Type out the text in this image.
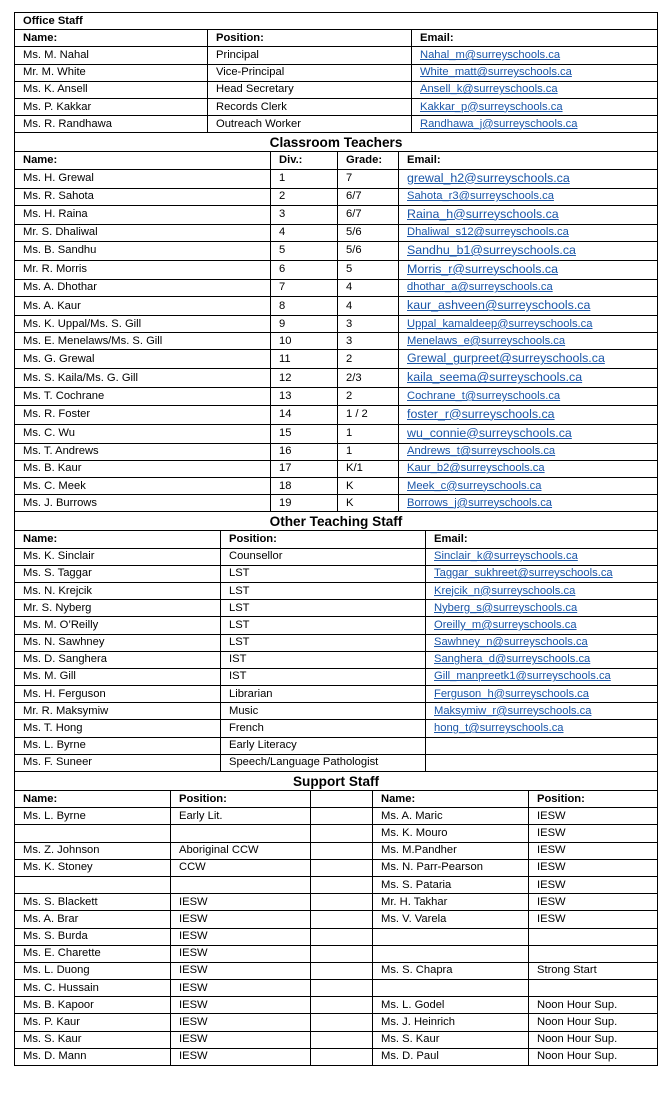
Office Staff		
Name:	Position:	Email:
Ms. M. Nahal	Principal	Nahal_m@surreyschools.ca
Mr. M. White	Vice-Principal	White_matt@surreyschools.ca
Ms. K. Ansell	Head Secretary	Ansell_k@surreyschools.ca
Ms. P. Kakkar	Records Clerk	Kakkar_p@surreyschools.ca
Ms. R. Randhawa	Outreach Worker	Randhawa_j@surreyschools.ca
Classroom Teachers			
Name:	Div.:	Grade:	Email:
Ms. H. Grewal	1	7	grewal_h2@surreyschools.ca
Ms. R. Sahota	2	6/7	Sahota_r3@surreyschools.ca
Ms. H. Raina	3	6/7	Raina_h@surreyschools.ca
Mr. S. Dhaliwal	4	5/6	Dhaliwal_s12@surreyschools.ca
Ms. B. Sandhu	5	5/6	Sandhu_b1@surreyschools.ca
Mr. R. Morris	6	5	Morris_r@surreyschools.ca
Ms. A. Dhothar	7	4	dhothar_a@surreyschools.ca
Ms. A. Kaur	8	4	kaur_ashveen@surreyschools.ca
Ms. K. Uppal/Ms. S. Gill	9	3	Uppal_kamaldeep@surreyschools.ca
Ms. E. Menelaws/Ms. S. Gill	10	3	Menelaws_e@surreyschools.ca
Ms. G. Grewal	11	2	Grewal_gurpreet@surreyschools.ca
Ms. S. Kaila/Ms. G. Gill	12	2/3	kaila_seema@surreyschools.ca
Ms. T. Cochrane	13	2	Cochrane_t@surreyschools.ca
Ms. R. Foster	14	1 / 2	foster_r@surreyschools.ca
Ms. C. Wu	15	1	wu_connie@surreyschools.ca
Ms. T. Andrews	16	1	Andrews_t@surreyschools.ca
Ms. B. Kaur	17	K/1	Kaur_b2@surreyschools.ca
Ms. C. Meek	18	K	Meek_c@surreyschools.ca
Ms. J. Burrows	19	K	Borrows_j@surreyschools.ca
Other Teaching Staff		
Name:	Position:	Email:
Ms. K. Sinclair	Counsellor	Sinclair_k@surreyschools.ca
Ms. S. Taggar	LST	Taggar_sukhreet@surreyschools.ca
Ms. N. Krejcik	LST	Krejcik_n@surreyschools.ca
Mr. S. Nyberg	LST	Nyberg_s@surreyschools.ca
Ms. M. O’Reilly	LST	Oreilly_m@surreyschools.ca
Ms. N. Sawhney	LST	Sawhney_n@surreyschools.ca
Ms. D. Sanghera	IST	Sanghera_d@surreyschools.ca
Ms. M. Gill	IST	Gill_manpreetk1@surreyschools.ca
Ms. H. Ferguson	Librarian	Ferguson_h@surreyschools.ca
Mr. R. Maksymiw	Music	Maksymiw_r@surreyschools.ca
Ms. T. Hong	French	hong_t@surreyschools.ca
Ms. L. Byrne	Early Literacy	
Ms. F. Suneer	Speech/Language Pathologist	
Support Staff				
Name:	Position:		Name:	Position:
Ms. L. Byrne	Early Lit.		Ms. A. Maric	IESW
			Ms. K. Mouro	IESW
Ms. Z. Johnson	Aboriginal CCW		Ms. M.Pandher	IESW
Ms. K. Stoney	CCW		Ms. N. Parr-Pearson	IESW
			Ms. S. Pataria	IESW
Ms. S. Blackett	IESW		Mr. H. Takhar	IESW
Ms. A. Brar	IESW		Ms. V. Varela	IESW
Ms. S. Burda	IESW			
Ms. E. Charette	IESW			
Ms. L. Duong	IESW		Ms. S. Chapra	Strong Start
Ms. C. Hussain	IESW			
Ms. B. Kapoor	IESW		Ms. L. Godel	Noon Hour Sup.
Ms. P. Kaur	IESW		Ms. J. Heinrich	Noon Hour Sup.
Ms. S. Kaur	IESW		Ms. S. Kaur	Noon Hour Sup.
Ms. D. Mann	IESW		Ms. D. Paul	Noon Hour Sup.
